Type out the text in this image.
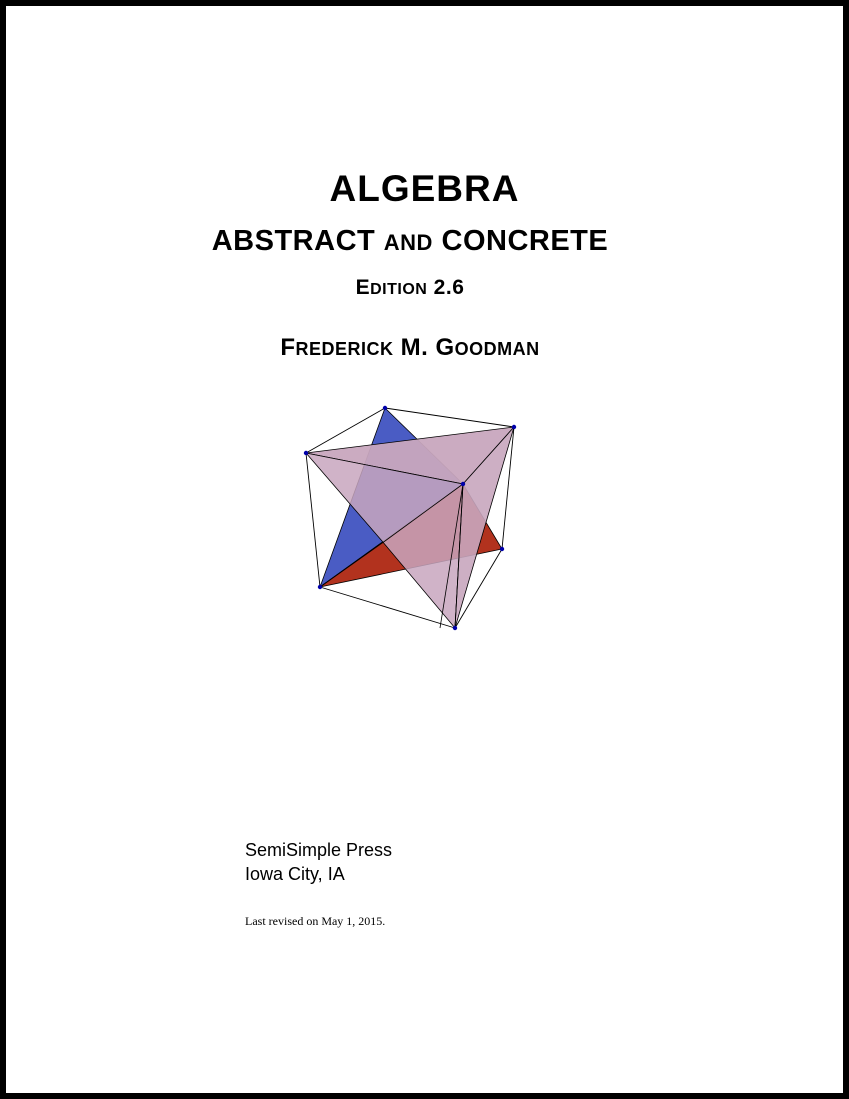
ALGEBRA
ABSTRACT AND CONCRETE
EDITION 2.6
FREDERICK M. GOODMAN
SemiSimple Press
Iowa City, IA
Last revised on May 1, 2015.
